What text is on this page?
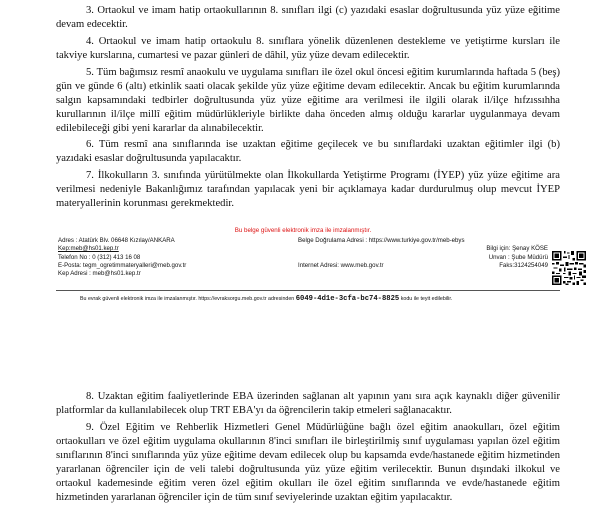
3. Ortaokul ve imam hatip ortaokullarının 8. sınıfları ilgi (c) yazıdaki esaslar doğrultusunda yüz yüze eğitime devam edecektir.

4. Ortaokul ve imam hatip ortaokulu 8. sınıflara yönelik düzenlenen destekleme ve yetiştirme kursları ile takviye kurslarına, cumartesi ve pazar günleri de dâhil, yüz yüze devam edilecektir.

5. Tüm bağımsız resmî anaokulu ve uygulama sınıfları ile özel okul öncesi eğitim kurumlarında haftada 5 (beş) gün ve günde 6 (altı) etkinlik saati olacak şekilde yüz yüze eğitime devam edilecektir. Ancak bu eğitim kurumlarında salgın kapsamındaki tedbirler doğrultusunda yüz yüze eğitime ara verilmesi ile ilgili olarak il/ilçe hıfzıssıhha kurullarının il/ilçe millî eğitim müdürlükleriyle birlikte daha önceden almış olduğu kararlar uygulanmaya devam edilebileceği gibi yeni kararlar da alınabilecektir.

6. Tüm resmî ana sınıflarında ise uzaktan eğitime geçilecek ve bu sınıflardaki uzaktan eğitimler ilgi (b) yazıdaki esaslar doğrultusunda yapılacaktır.

7. İlkokulların 3. sınıfında yürütülmekte olan İlkokullarda Yetiştirme Programı (İYEP) yüz yüze eğitime ara verilmesi nedeniyle Bakanlığımız tarafından yapılacak yeni bir açıklamaya kadar durdurulmuş olup mevcut İYEP materyallerinin korunması gerekmektedir.

Bu belge güvenli elektronik imza ile imzalanmıştır.
Adres : Atatürk Blv. 06648 Kızılay/ANKARA
Kep:meb@hs01.kep.tr
Telefon No : 0 (312) 413 16 08
E-Posta: tegm_ogretimmateryalleri@meb.gov.tr
Kep Adresi : meb@hs01.kep.tr
Belge Doğrulama Adresi : https://www.turkiye.gov.tr/meb-ebys
Bilgi için: Şenay KÖSE
Unvan : Şube Müdürü
Internet Adresi: www.meb.gov.tr	Faks:3124254049
Bu evrak güvenli elektronik imza ile imzalanmıştır. https://evraksorgu.meb.gov.tr adresinden 6049-4d1e-3cfa-bc74-8825 kodu ile teyit edilebilir.

8. Uzaktan eğitim faaliyetlerinde EBA üzerinden sağlanan alt yapının yanı sıra açık kaynaklı diğer güvenilir platformlar da kullanılabilecek olup TRT EBA'yı da öğrencilerin takip etmeleri sağlanacaktır.

9. Özel Eğitim ve Rehberlik Hizmetleri Genel Müdürlüğüne bağlı özel eğitim anaokulları, özel eğitim ortaokulları ve özel eğitim uygulama okullarının 8'inci sınıfları ile birleştirilmiş sınıf uygulaması yapılan özel eğitim sınıflarının 8'inci sınıflarında yüz yüze eğitime devam edilecek olup bu kapsamda evde/hastanede eğitim hizmetinden yararlanan öğrenciler için de veli talebi doğrultusunda yüz yüze eğitim verilecektir. Bunun dışındaki ilkokul ve ortaokul kademesinde eğitim veren özel eğitim okulları ile özel eğitim sınıflarında ve evde/hastanede eğitim hizmetinden yararlanan öğrenciler için de tüm sınıf seviyelerinde uzaktan eğitim yapılacaktır.
